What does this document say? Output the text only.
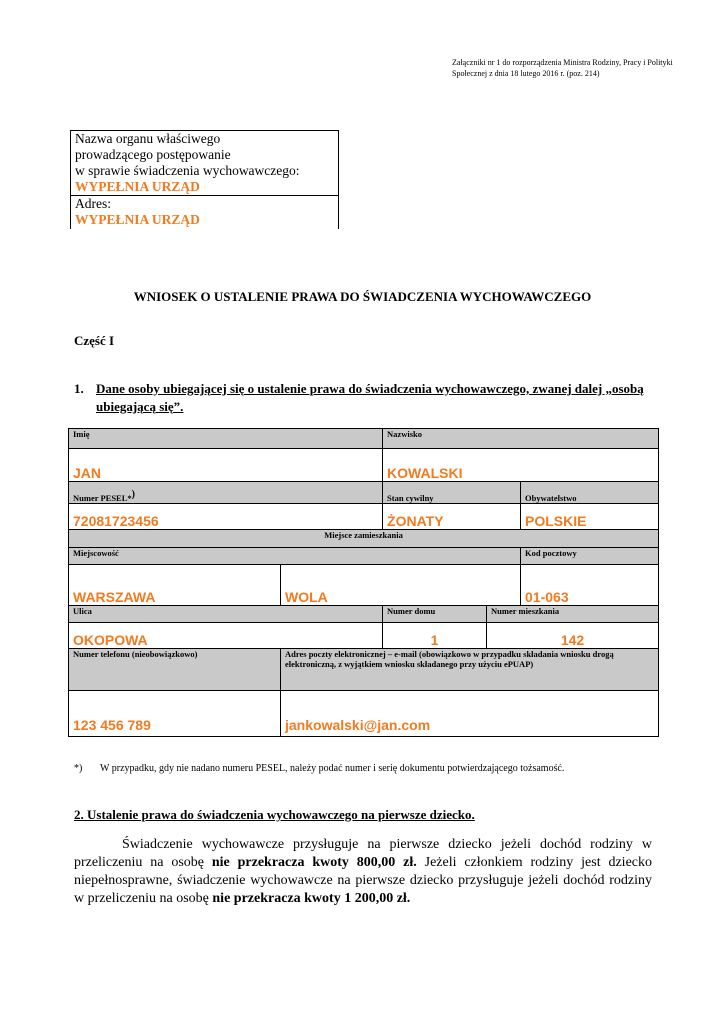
Załączniki nr 1 do rozporządzenia Ministra Rodziny, Pracy i Polityki Społecznej z dnia 18 lutego 2016 r. (poz. 214)
Nazwa organu właściwego
prowadzącego postępowanie
w sprawie świadczenia wychowawczego:
WYPEŁNIA URZĄD
Adres:
WYPEŁNIA URZĄD
WNIOSEK O USTALENIE PRAWA DO ŚWIADCZENIA WYCHOWAWCZEGO
Część I
1. Dane osoby ubiegającej się o ustalenie prawa do świadczenia wychowawczego, zwanej dalej „osobą ubiegającą się”.
Imię		Nazwisko		
JAN		KOWALSKI		
Numer PESEL*)		Stan cywilny		Obywatelstwo
72081723456		ŻONATY		POLSKIE
Miejsce zamieszkania				
Miejscowość				Kod pocztowy
WARSZAWA	WOLA			01-063
Ulica		Numer domu	Numer mieszkania	
OKOPOWA		1	142	
Numer telefonu (nieobowiązkowo)	Adres poczty elektronicznej – e-mail (obowiązkowo w przypadku składania wniosku drogą elektroniczną, z wyjątkiem wniosku składanego przy użyciu ePUAP)			
123 456 789	jankowalski@jan.com			
*) W przypadku, gdy nie nadano numeru PESEL, należy podać numer i serię dokumentu potwierdzającego tożsamość.
2. Ustalenie prawa do świadczenia wychowawczego na pierwsze dziecko.
Świadczenie wychowawcze przysługuje na pierwsze dziecko jeżeli dochód rodziny w przeliczeniu na osobę nie przekracza kwoty 800,00 zł. Jeżeli członkiem rodziny jest dziecko niepełnosprawne, świadczenie wychowawcze na pierwsze dziecko przysługuje jeżeli dochód rodziny w przeliczeniu na osobę nie przekracza kwoty 1 200,00 zł.
